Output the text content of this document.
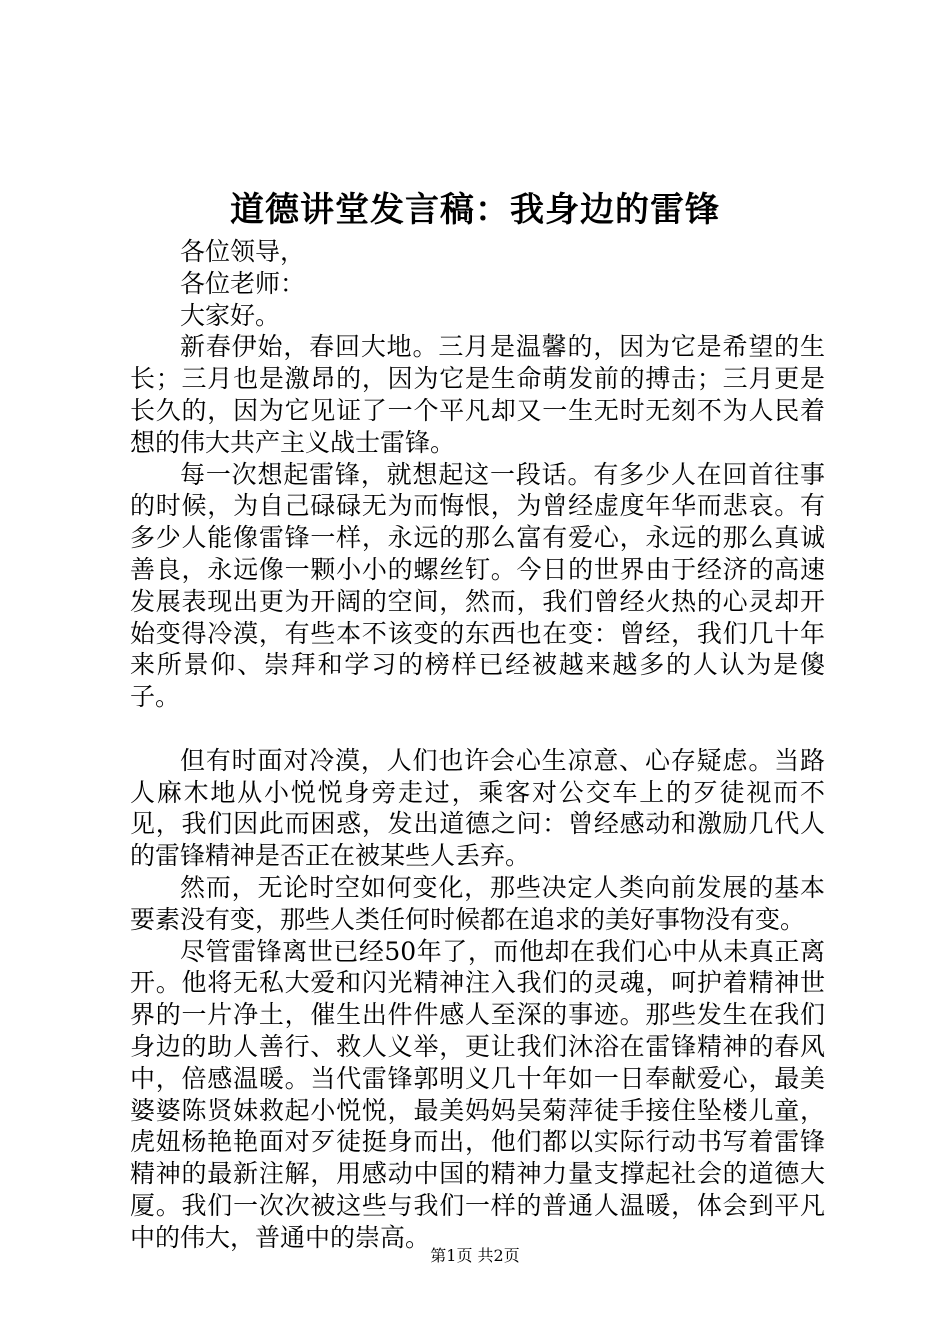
道德讲堂发言稿：我身边的雷锋

各位领导，

各位老师：

大家好。

新春伊始，春回大地。三月是温馨的，因为它是希望的生长；三月也是激昂的，因为它是生命萌发前的搏击；三月更是长久的，因为它见证了一个平凡却又一生无时无刻不为人民着想的伟大共产主义战士雷锋。

每一次想起雷锋，就想起这一段话。有多少人在回首往事的时候，为自己碌碌无为而悔恨，为曾经虚度年华而悲哀。有多少人能像雷锋一样，永远的那么富有爱心，永远的那么真诚善良，永远像一颗小小的螺丝钉。今日的世界由于经济的高速发展表现出更为开阔的空间，然而，我们曾经火热的心灵却开始变得冷漠，有些本不该变的东西也在变：曾经，我们几十年来所景仰、崇拜和学习的榜样已经被越来越多的人认为是傻子。

但有时面对冷漠，人们也许会心生凉意、心存疑虑。当路人麻木地从小悦悦身旁走过，乘客对公交车上的歹徒视而不见，我们因此而困惑，发出道德之问：曾经感动和激励几代人的雷锋精神是否正在被某些人丢弃。

然而，无论时空如何变化，那些决定人类向前发展的基本要素没有变，那些人类任何时候都在追求的美好事物没有变。

尽管雷锋离世已经50年了，而他却在我们心中从未真正离开。他将无私大爱和闪光精神注入我们的灵魂，呵护着精神世界的一片净土，催生出件件感人至深的事迹。那些发生在我们身边的助人善行、救人义举，更让我们沐浴在雷锋精神的春风中，倍感温暖。当代雷锋郭明义几十年如一日奉献爱心，最美婆婆陈贤妹救起小悦悦，最美妈妈吴菊萍徒手接住坠楼儿童，虎妞杨艳艳面对歹徒挺身而出，他们都以实际行动书写着雷锋精神的最新注解，用感动中国的精神力量支撑起社会的道德大厦。我们一次次被这些与我们一样的普通人温暖，体会到平凡中的伟大，普通中的崇高。

第1页 共2页
